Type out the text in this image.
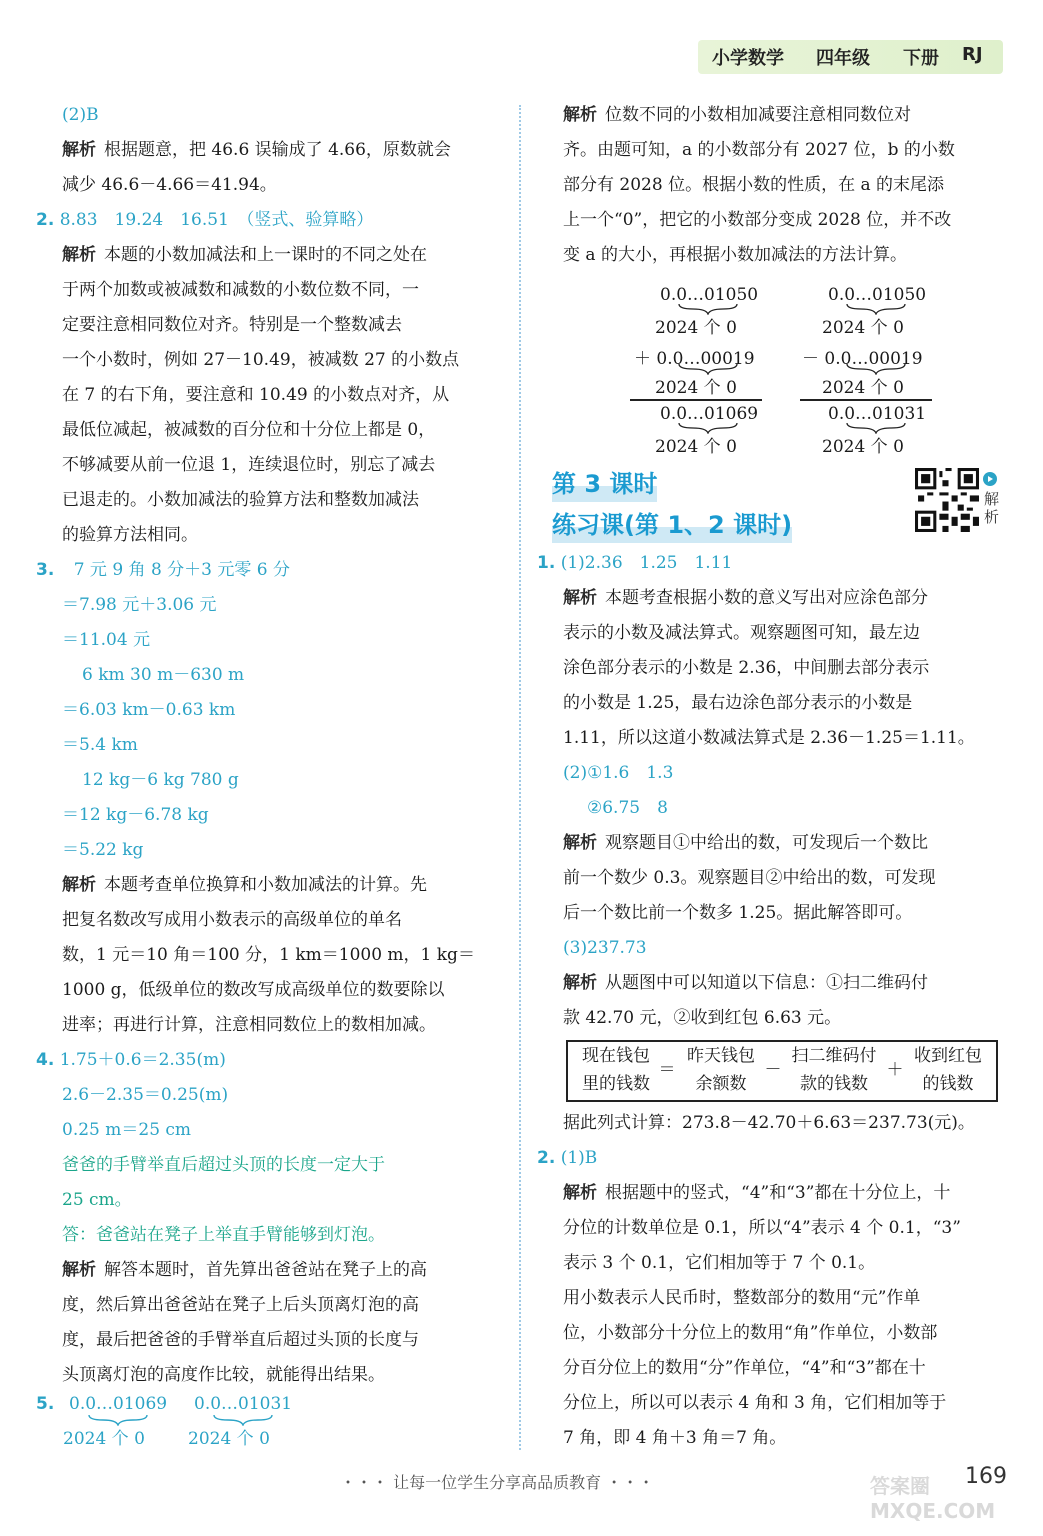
小学数学 四年级 下册 RJ
(2)B
解析 根据题意，把 46.6 误输成了 4.66，原数就会
减少 46.6－4.66＝41.94。
2. 8.83　19.24　16.51　（竖式、验算略）
解析 本题的小数加减法和上一课时的不同之处在
于两个加数或被减数和减数的小数位数不同，一
定要注意相同数位对齐。特别是一个整数减去
一个小数时，例如 27－10.49，被减数 27 的小数点
在 7 的右下角，要注意和 10.49 的小数点对齐，从
最低位减起，被减数的百分位和十分位上都是 0，
不够减要从前一位退 1，连续退位时，别忘了减去
已退走的。小数加减法的验算方法和整数加减法
的验算方法相同。
3. 7 元 9 角 8 分＋3 元零 6 分
＝7.98 元＋3.06 元
＝11.04 元
6 km 30 m－630 m
＝6.03 km－0.63 km
＝5.4 km
12 kg－6 kg 780 g
＝12 kg－6.78 kg
＝5.22 kg
解析 本题考查单位换算和小数加减法的计算。先
把复名数改写成用小数表示的高级单位的单名
数，1 元＝10 角＝100 分，1 km＝1000 m，1 kg＝
1000 g，低级单位的数改写成高级单位的数要除以
进率；再进行计算，注意相同数位上的数相加减。
4. 1.75＋0.6＝2.35(m)
2.6－2.35＝0.25(m)
0.25 m＝25 cm
爸爸的手臂举直后超过头顶的长度一定大于
25 cm。
答：爸爸站在凳子上举直手臂能够到灯泡。
解析 解答本题时，首先算出爸爸站在凳子上的高
度，然后算出爸爸站在凳子上后头顶离灯泡的高
度，最后把爸爸的手臂举直后超过头顶的长度与
头顶离灯泡的高度作比较，就能得出结果。
5. 0.0…01069 0.0…01031
2024 个 0	2024 个 0
解析 位数不同的小数相加减要注意相同数位对
齐。由题可知，a 的小数部分有 2027 位，b 的小数
部分有 2028 位。根据小数的性质，在 a 的末尾添
上一个“0”，把它的小数部分变成 2028 位，并不改
变 a 的大小，再根据小数加减法的方法计算。
0.0…01050
2024 个 0
＋ 0.0…00019
2024 个 0
0.0…01069
2024 个 0
0.0…01050
2024 个 0
－ 0.0…00019
2024 个 0
0.0…01031
2024 个 0
第 3 课时
练习课(第 1、2 课时)
解析
1. (1)2.36　1.25　1.11
解析 本题考查根据小数的意义写出对应涂色部分
表示的小数及减法算式。观察题图可知，最左边
涂色部分表示的小数是 2.36，中间删去部分表示
的小数是 1.25，最右边涂色部分表示的小数是
1.11，所以这道小数减法算式是 2.36－1.25＝1.11。
(2)①1.6　1.3
②6.75　8
解析 观察题目①中给出的数，可发现后一个数比
前一个数少 0.3。观察题目②中给出的数，可发现
后一个数比前一个数多 1.25。据此解答即可。
(3)237.73
解析 从题图中可以知道以下信息：①扫二维码付
款 42.70 元，②收到红包 6.63 元。
现在钱包
里的钱数
＝
昨天钱包
余额数
－
扫二维码付
款的钱数
＋
收到红包
的钱数
据此列式计算：273.8－42.70＋6.63＝237.73(元)。
2. (1)B
解析 根据题中的竖式，“4”和“3”都在十分位上，十
分位的计数单位是 0.1，所以“4”表示 4 个 0.1，“3”
表示 3 个 0.1，它们相加等于 7 个 0.1。
用小数表示人民币时，整数部分的数用“元”作单
位，小数部分十分位上的数用“角”作单位，小数部
分百分位上的数用“分”作单位，“4”和“3”都在十
分位上，所以可以表示 4 角和 3 角，它们相加等于
7 角，即 4 角＋3 角＝7 角。
・・・ 让每一位学生分享高品质教育 ・・・	169
答案圈 MXQE.COM
